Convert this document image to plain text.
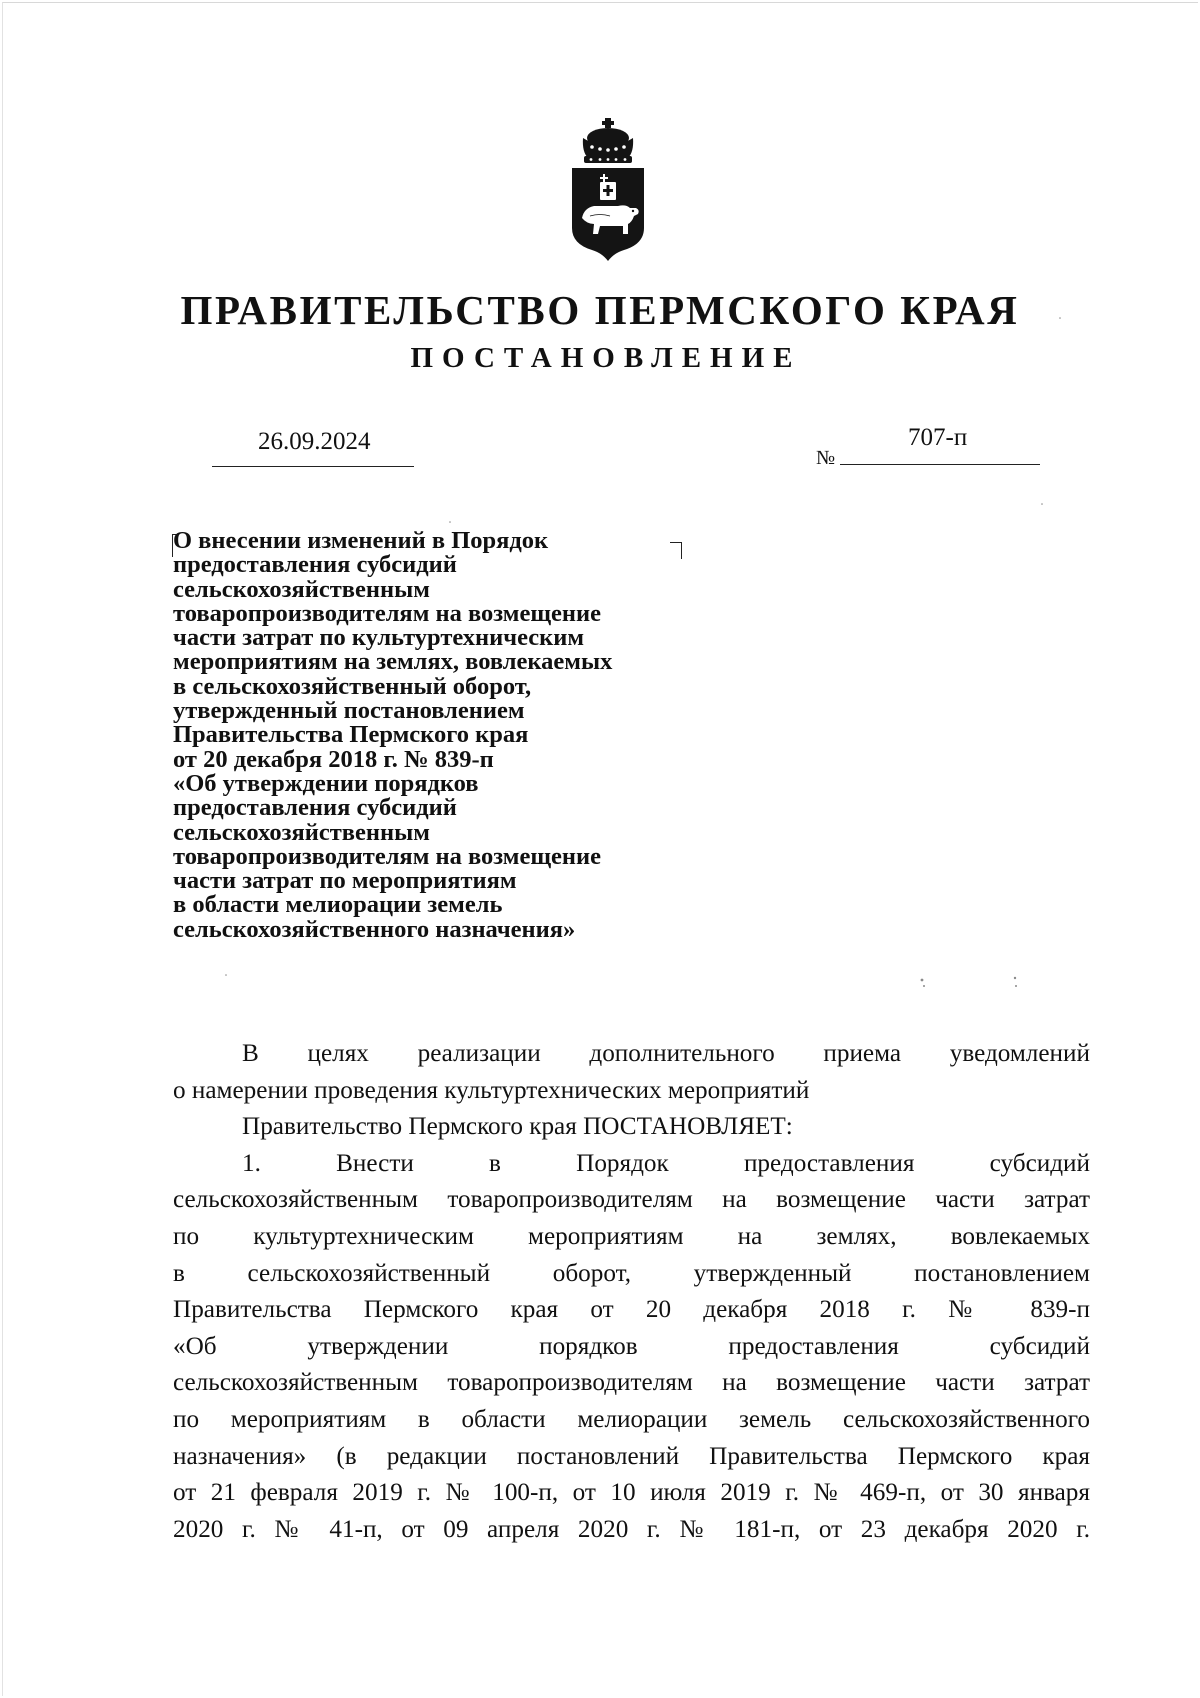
ПРАВИТЕЛЬСТВО ПЕРМСКОГО КРАЯ
ПОСТАНОВЛЕНИЕ
26.09.2024
№
707-п
О внесении изменений в Порядок
предоставления субсидий
сельскохозяйственным
товаропроизводителям на возмещение
части затрат по культуртехническим
мероприятиям на землях, вовлекаемых
в сельскохозяйственный оборот,
утвержденный постановлением
Правительства Пермского края
от 20 декабря 2018 г. № 839-п
«Об утверждении порядков
предоставления субсидий
сельскохозяйственным
товаропроизводителям на возмещение
части затрат по мероприятиям
в области мелиорации земель
сельскохозяйственного назначения»
В целях реализации дополнительного приема уведомлений
о намерении проведения культуртехнических мероприятий
Правительство Пермского края ПОСТАНОВЛЯЕТ:
1. Внести в Порядок предоставления субсидий
сельскохозяйственным товаропроизводителям на возмещение части затрат
по культуртехническим мероприятиям на землях, вовлекаемых
в сельскохозяйственный оборот, утвержденный постановлением
Правительства Пермского края от 20 декабря 2018 г. № 839-п
«Об утверждении порядков предоставления субсидий
сельскохозяйственным товаропроизводителям на возмещение части затрат
по мероприятиям в области мелиорации земель сельскохозяйственного
назначения» (в редакции постановлений Правительства Пермского края
от 21 февраля 2019 г. № 100-п, от 10 июля 2019 г. № 469-п, от 30 января
2020 г. № 41-п, от 09 апреля 2020 г. № 181-п, от 23 декабря 2020 г.
